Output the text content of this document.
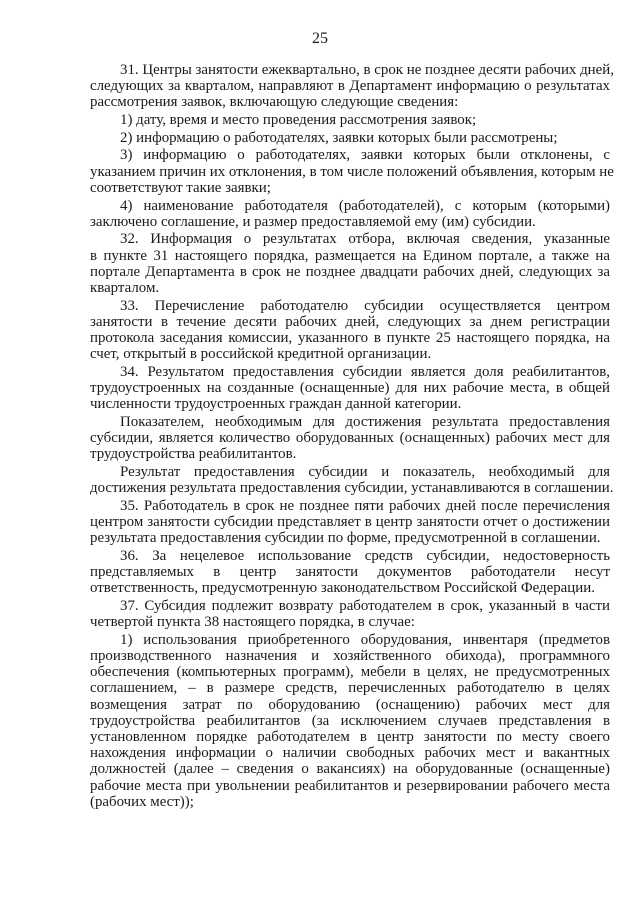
25
31. Центры занятости ежеквартально, в срок не позднее десяти рабочих дней,
следующих за кварталом, направляют в Департамент информацию о результатах
рассмотрения заявок, включающую следующие сведения:
1) дату, время и место проведения рассмотрения заявок;
2) информацию о работодателях, заявки которых были рассмотрены;
3) информацию о работодателях, заявки которых были отклонены, с
указанием причин их отклонения, в том числе положений объявления, которым не
соответствуют такие заявки;
4) наименование работодателя (работодателей), с которым (которыми)
заключено соглашение, и размер предоставляемой ему (им) субсидии.
32. Информация о результатах отбора, включая сведения, указанные
в пункте 31 настоящего порядка, размещается на Едином портале, а также на
портале Департамента в срок не позднее двадцати рабочих дней, следующих за
кварталом.
33. Перечисление работодателю субсидии осуществляется центром
занятости в течение десяти рабочих дней, следующих за днем регистрации
протокола заседания комиссии, указанного в пункте 25 настоящего порядка, на
счет, открытый в российской кредитной организации.
34. Результатом предоставления субсидии является доля реабилитантов,
трудоустроенных на созданные (оснащенные) для них рабочие места, в общей
численности трудоустроенных граждан данной категории.
Показателем, необходимым для достижения результата предоставления
субсидии, является количество оборудованных (оснащенных) рабочих мест для
трудоустройства реабилитантов.
Результат предоставления субсидии и показатель, необходимый для
достижения результата предоставления субсидии, устанавливаются в соглашении.
35. Работодатель в срок не позднее пяти рабочих дней после перечисления
центром занятости субсидии представляет в центр занятости отчет о достижении
результата предоставления субсидии по форме, предусмотренной в соглашении.
36. За нецелевое использование средств субсидии, недостоверность
представляемых в центр занятости документов работодатели несут
ответственность, предусмотренную законодательством Российской Федерации.
37. Субсидия подлежит возврату работодателем в срок, указанный в части
четвертой пункта 38 настоящего порядка, в случае:
1) использования приобретенного оборудования, инвентаря (предметов
производственного назначения и хозяйственного обихода), программного
обеспечения (компьютерных программ), мебели в целях, не предусмотренных
соглашением, – в размере средств, перечисленных работодателю в целях
возмещения затрат по оборудованию (оснащению) рабочих мест для
трудоустройства реабилитантов (за исключением случаев представления в
установленном порядке работодателем в центр занятости по месту своего
нахождения информации о наличии свободных рабочих мест и вакантных
должностей (далее – сведения о вакансиях) на оборудованные (оснащенные)
рабочие места при увольнении реабилитантов и резервировании рабочего места
(рабочих мест));
